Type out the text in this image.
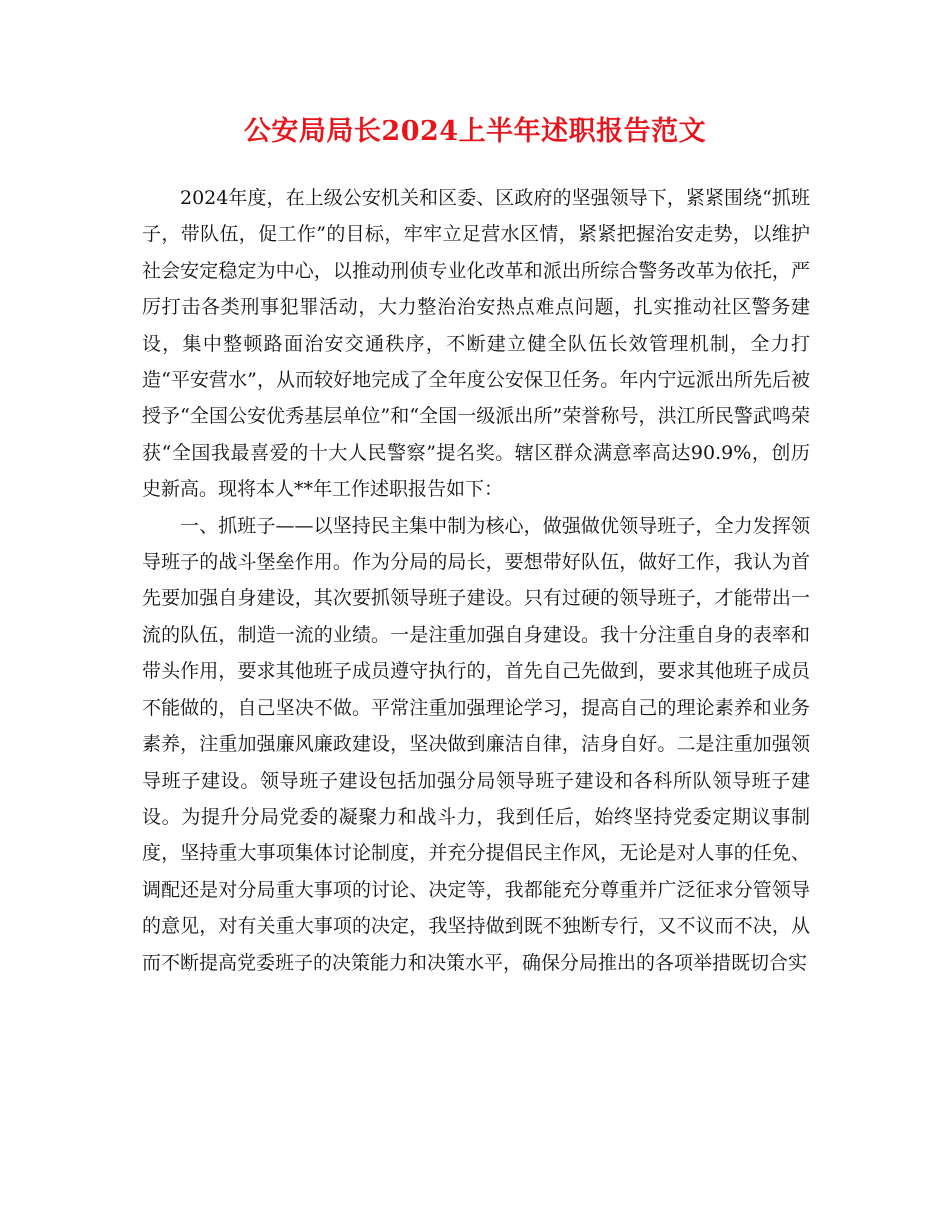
公安局局长2024上半年述职报告范文

2024年度，在上级公安机关和区委、区政府的坚强领导下，紧紧围绕“抓班子，带队伍，促工作”的目标，牢牢立足营水区情，紧紧把握治安走势，以维护社会安定稳定为中心，以推动刑侦专业化改革和派出所综合警务改革为依托，严厉打击各类刑事犯罪活动，大力整治治安热点难点问题，扎实推动社区警务建设，集中整顿路面治安交通秩序，不断建立健全队伍长效管理机制，全力打造“平安营水”，从而较好地完成了全年度公安保卫任务。年内宁远派出所先后被授予“全国公安优秀基层单位”和“全国一级派出所”荣誉称号，洪江所民警武鸣荣获“全国我最喜爱的十大人民警察”提名奖。辖区群众满意率高达90.9%，创历史新高。现将本人**年工作述职报告如下：

一、抓班子——以坚持民主集中制为核心，做强做优领导班子，全力发挥领导班子的战斗堡垒作用。作为分局的局长，要想带好队伍，做好工作，我认为首先要加强自身建设，其次要抓领导班子建设。只有过硬的领导班子，才能带出一流的队伍，制造一流的业绩。一是注重加强自身建设。我十分注重自身的表率和带头作用，要求其他班子成员遵守执行的，首先自己先做到，要求其他班子成员不能做的，自己坚决不做。平常注重加强理论学习，提高自己的理论素养和业务素养，注重加强廉风廉政建设，坚决做到廉洁自律，洁身自好。二是注重加强领导班子建设。领导班子建设包括加强分局领导班子建设和各科所队领导班子建设。为提升分局党委的凝聚力和战斗力，我到任后，始终坚持党委定期议事制度，坚持重大事项集体讨论制度，并充分提倡民主作风，无论是对人事的任免、调配还是对分局重大事项的讨论、决定等，我都能充分尊重并广泛征求分管领导的意见，对有关重大事项的决定，我坚持做到既不独断专行，又不议而不决，从而不断提高党委班子的决策能力和决策水平，确保分局推出的各项举措既切合实
